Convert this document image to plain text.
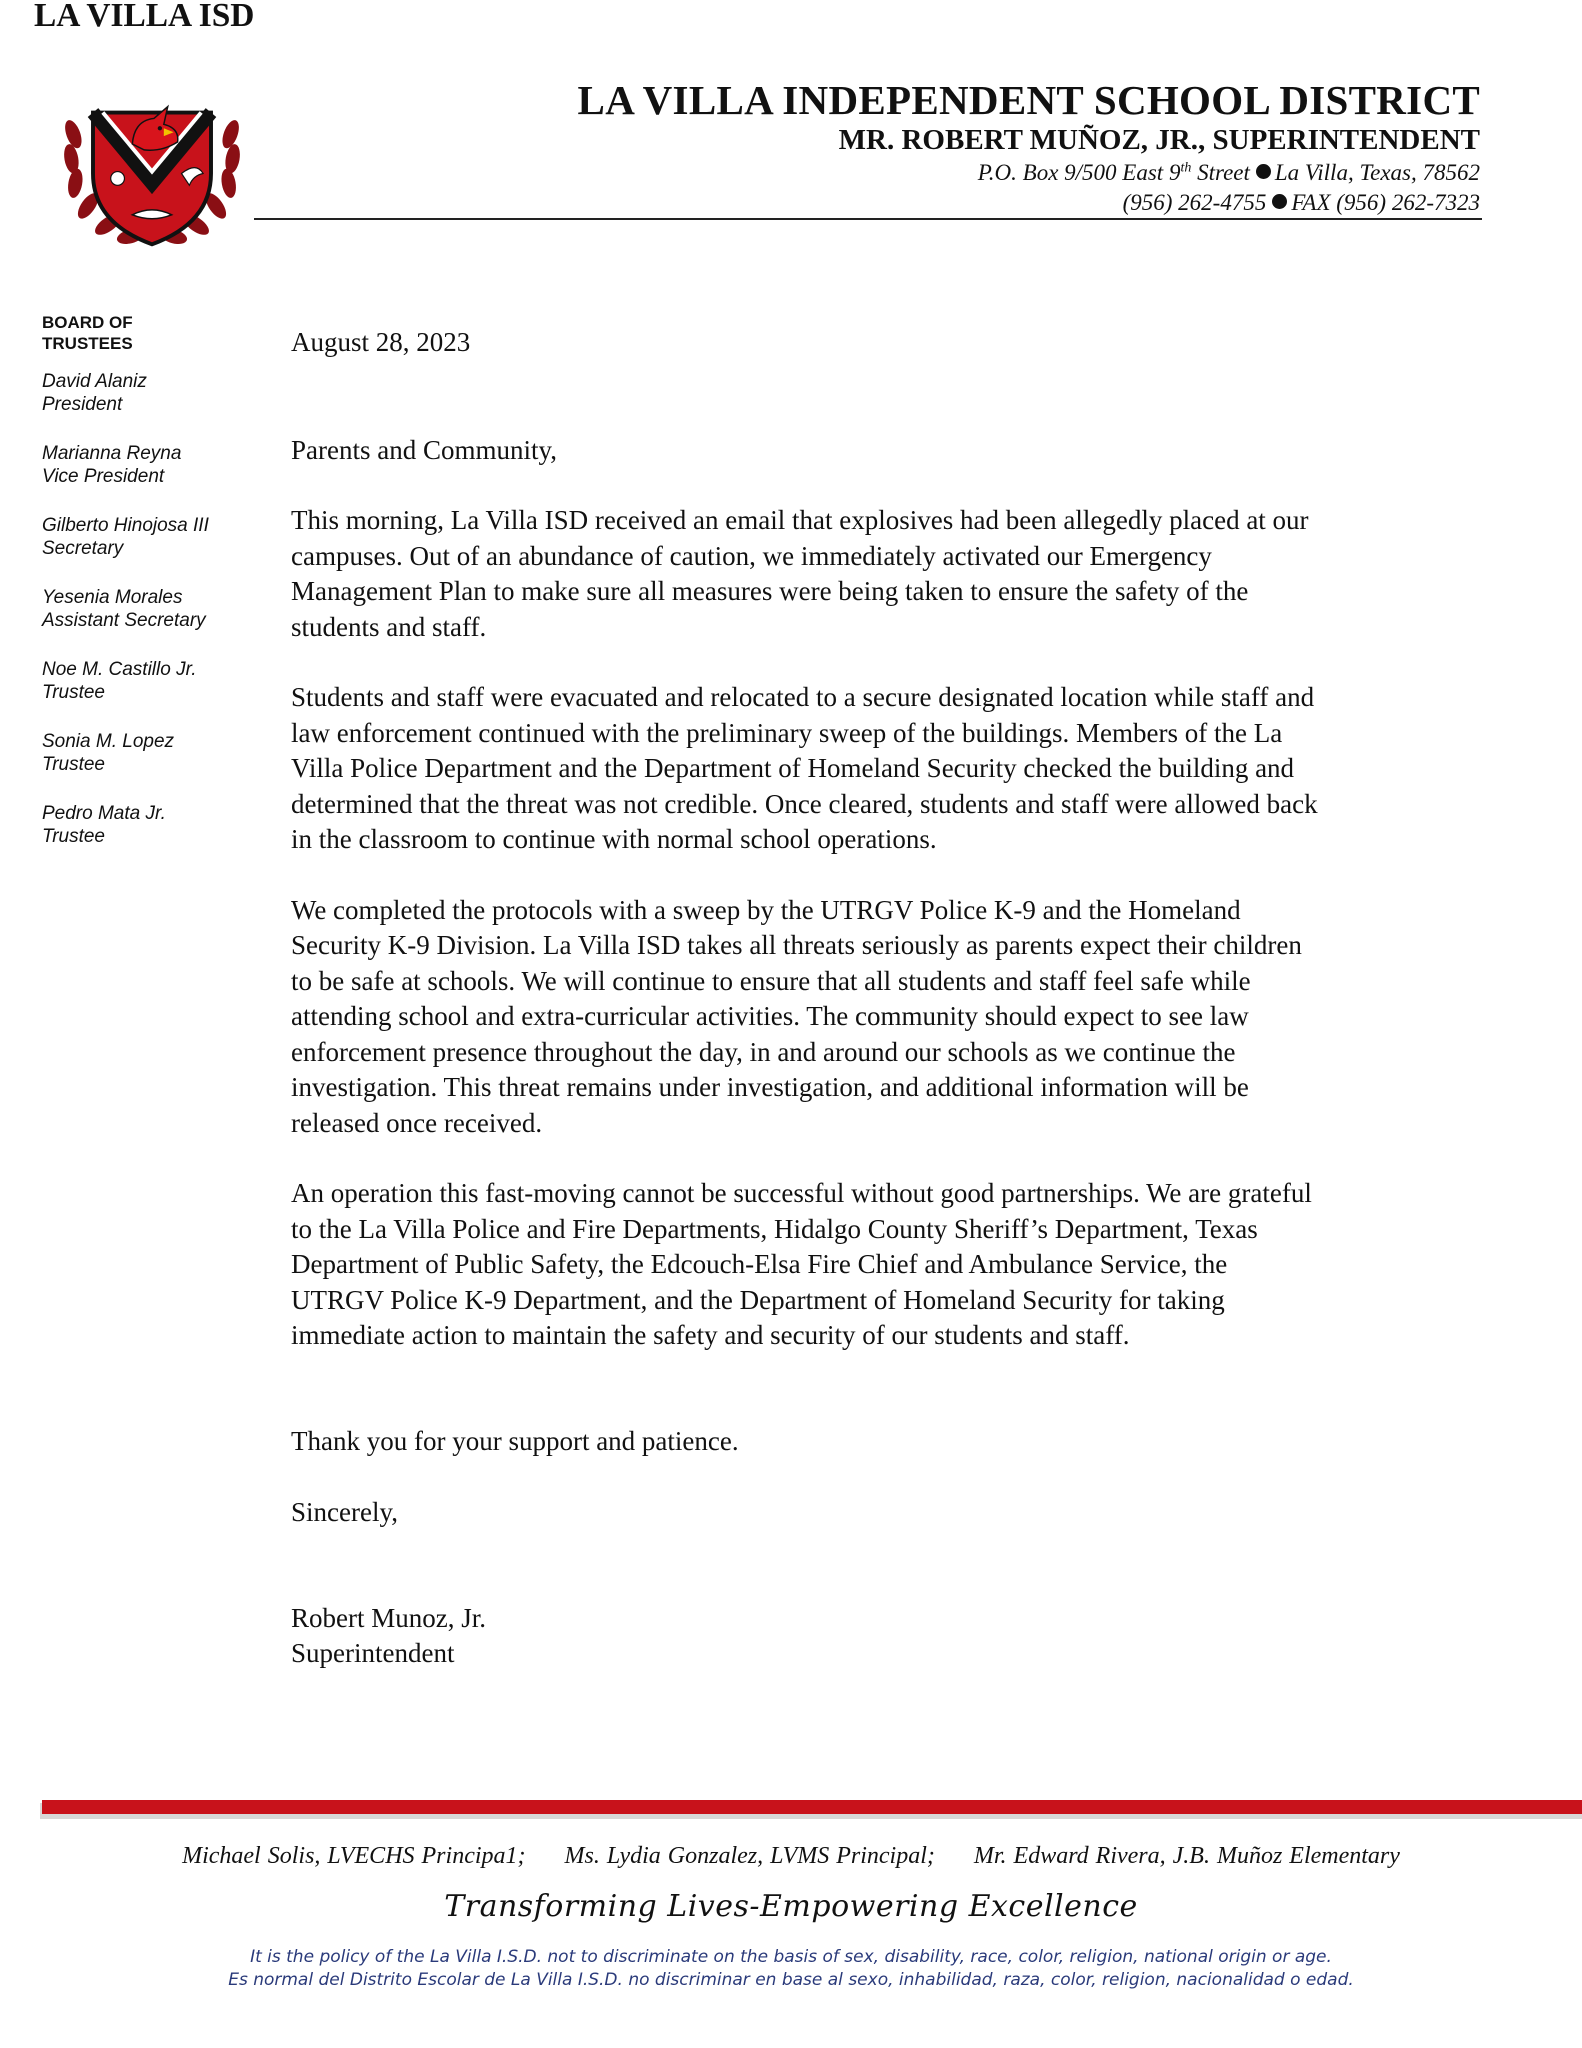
LA VILLA ISD
LA VILLA INDEPENDENT SCHOOL DISTRICT
MR. ROBERT MUÑOZ, JR., SUPERINTENDENT
P.O. Box 9/500 East 9th Street La Villa, Texas, 78562
(956) 262-4755 FAX (956) 262-7323
BOARD OF
TRUSTEES
David Alaniz
President
Marianna Reyna
Vice President
Gilberto Hinojosa III
Secretary
Yesenia Morales
Assistant Secretary
Noe M. Castillo Jr.
Trustee
Sonia M. Lopez
Trustee
Pedro Mata Jr.
Trustee

August 28, 2023

Parents and Community,

This morning, La Villa ISD received an email that explosives had been allegedly placed at our
campuses. Out of an abundance of caution, we immediately activated our Emergency
Management Plan to make sure all measures were being taken to ensure the safety of the
students and staff.

Students and staff were evacuated and relocated to a secure designated location while staff and
law enforcement continued with the preliminary sweep of the buildings. Members of the La
Villa Police Department and the Department of Homeland Security checked the building and
determined that the threat was not credible. Once cleared, students and staff were allowed back
in the classroom to continue with normal school operations.

We completed the protocols with a sweep by the UTRGV Police K-9 and the Homeland
Security K-9 Division. La Villa ISD takes all threats seriously as parents expect their children
to be safe at schools. We will continue to ensure that all students and staff feel safe while
attending school and extra-curricular activities. The community should expect to see law
enforcement presence throughout the day, in and around our schools as we continue the
investigation. This threat remains under investigation, and additional information will be
released once received.

An operation this fast-moving cannot be successful without good partnerships. We are grateful
to the La Villa Police and Fire Departments, Hidalgo County Sheriff’s Department, Texas
Department of Public Safety, the Edcouch-Elsa Fire Chief and Ambulance Service, the
UTRGV Police K-9 Department, and the Department of Homeland Security for taking
immediate action to maintain the safety and security of our students and staff.

Thank you for your support and patience.

Sincerely,

Robert Munoz, Jr.

Superintendent

Michael Solis, LVECHS Principa1; Ms. Lydia Gonzalez, LVMS Principal; Mr. Edward Rivera, J.B. Muñoz Elementary
Transforming Lives-Empowering Excellence
It is the policy of the La Villa I.S.D. not to discriminate on the basis of sex, disability, race, color, religion, national origin or age.
Es normal del Distrito Escolar de La Villa I.S.D. no discriminar en base al sexo, inhabilidad, raza, color, religion, nacionalidad o edad.
